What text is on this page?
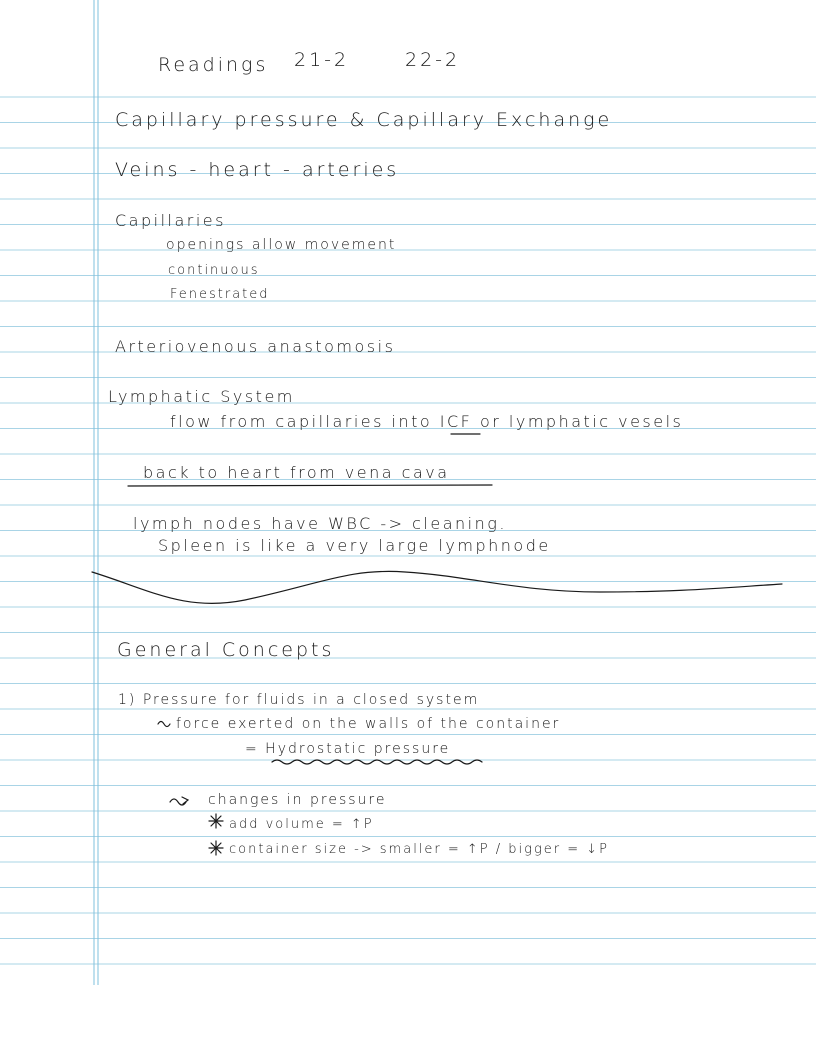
Readings 21-2	22-2
Capillary pressure & Capillary Exchange
Veins - heart - arteries
Capillaries
openings allow movement
continuous
Fenestrated
Arteriovenous anastomosis
Lymphatic System
flow from capillaries into ICF or lymphatic vesels
back to heart from vena cava
lymph nodes have WBC -> cleaning.
Spleen is like a very large lymphnode
General Concepts
1) Pressure for fluids in a closed system
force exerted on the walls of the container
= Hydrostatic pressure
changes in pressure
add volume = ↑P
container size -> smaller = ↑P / bigger = ↓P
